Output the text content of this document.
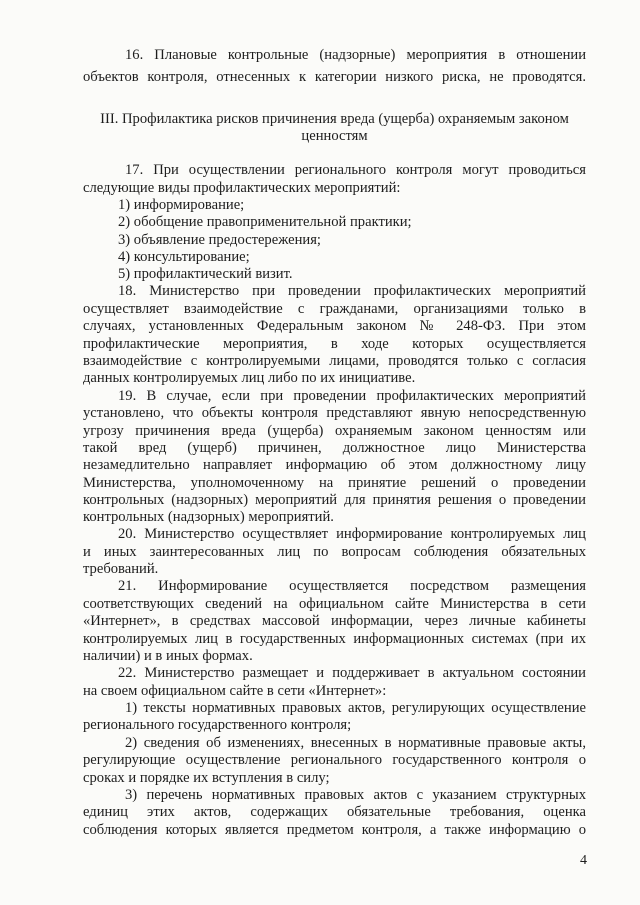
16. Плановые контрольные (надзорные) мероприятия в отношении
объектов контроля, отнесенных к категории низкого риска, не проводятся.
III. Профилактика рисков причинения вреда (ущерба) охраняемым законом
ценностям
17. При осуществлении регионального контроля могут проводиться
следующие виды профилактических мероприятий:
1) информирование;
2) обобщение правоприменительной практики;
3) объявление предостережения;
4) консультирование;
5) профилактический визит.
18. Министерство при проведении профилактических мероприятий
осуществляет взаимодействие с гражданами, организациями только в
случаях, установленных Федеральным законом № 248-ФЗ. При этом
профилактические мероприятия, в ходе которых осуществляется
взаимодействие с контролируемыми лицами, проводятся только с согласия
данных контролируемых лиц либо по их инициативе.
19. В случае, если при проведении профилактических мероприятий
установлено, что объекты контроля представляют явную непосредственную
угрозу причинения вреда (ущерба) охраняемым законом ценностям или
такой вред (ущерб) причинен, должностное лицо Министерства
незамедлительно направляет информацию об этом должностному лицу
Министерства, уполномоченному на принятие решений о проведении
контрольных (надзорных) мероприятий для принятия решения о проведении
контрольных (надзорных) мероприятий.
20. Министерство осуществляет информирование контролируемых лиц
и иных заинтересованных лиц по вопросам соблюдения обязательных
требований.
21. Информирование осуществляется посредством размещения
соответствующих сведений на официальном сайте Министерства в сети
«Интернет», в средствах массовой информации, через личные кабинеты
контролируемых лиц в государственных информационных системах (при их
наличии) и в иных формах.
22. Министерство размещает и поддерживает в актуальном состоянии
на своем официальном сайте в сети «Интернет»:
1) тексты нормативных правовых актов, регулирующих осуществление
регионального государственного контроля;
2) сведения об изменениях, внесенных в нормативные правовые акты,
регулирующие осуществление регионального государственного контроля о
сроках и порядке их вступления в силу;
3) перечень нормативных правовых актов с указанием структурных
единиц этих актов, содержащих обязательные требования, оценка
соблюдения которых является предметом контроля, а также информацию о
4
